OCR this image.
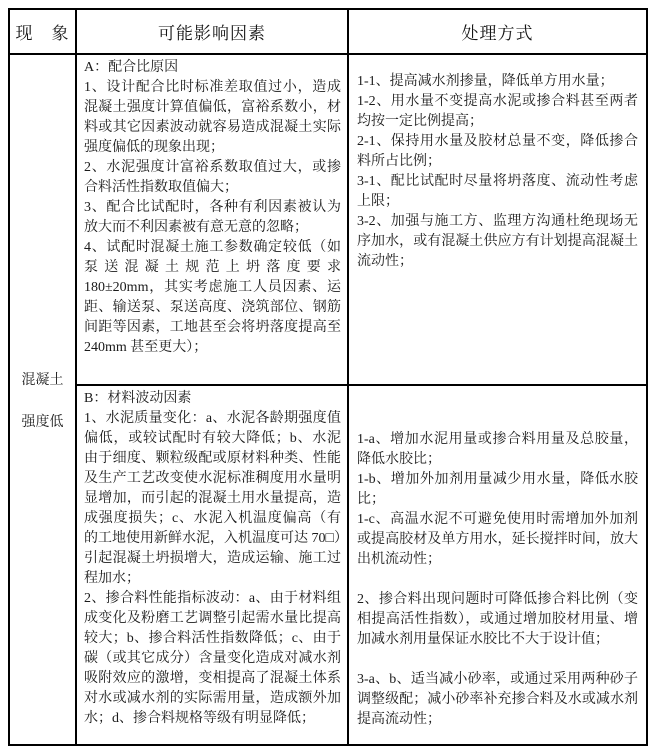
现　象	可能影响因素	处理方式
混凝土
强度低

A：配合比原因

1、设计配合比时标准差取值过小，造成混凝土强度计算值偏低，富裕系数小，材料或其它因素波动就容易造成混凝土实际强度偏低的现象出现；

2、水泥强度计富裕系数取值过大，或掺合料活性指数取值偏大；

3、配合比试配时，各种有利因素被认为放大而不利因素被有意无意的忽略；

4、试配时混凝土施工参数确定较低（如泵送混凝土规范上坍落度要求 180±20mm，其实考虑施工人员因素、运距、输送泵、泵送高度、浇筑部位、钢筋间距等因素，工地甚至会将坍落度提高至 240mm 甚至更大）；

1-1、提高减水剂掺量，降低单方用水量；

1-2、用水量不变提高水泥或掺合料甚至两者均按一定比例提高；

2-1、保持用水量及胶材总量不变，降低掺合料所占比例；

3-1、配比试配时尽量将坍落度、流动性考虑上限；

3-2、加强与施工方、监理方沟通杜绝现场无序加水，或有混凝土供应方有计划提高混凝土流动性；

B：材料波动因素

1、水泥质量变化：a、水泥各龄期强度值偏低，或较试配时有较大降低；b、水泥由于细度、颗粒级配或原材料种类、性能及生产工艺改变使水泥标准稠度用水量明显增加，而引起的混凝土用水量提高，造成强度损失；c、水泥入机温度偏高（有的工地使用新鲜水泥，入机温度可达 70□）引起混凝土坍损增大，造成运输、施工过程加水；

2、掺合料性能指标波动：a、由于材料组成变化及粉磨工艺调整引起需水量比提高较大；b、掺合料活性指数降低；c、由于碳（或其它成分）含量变化造成对减水剂吸附效应的激增，变相提高了混凝土体系对水或减水剂的实际需用量，造成额外加水；d、掺合料规格等级有明显降低；

1-a、增加水泥用量或掺合料用量及总胶量，降低水胶比；

1-b、增加外加剂用量减少用水量，降低水胶比；

1-c、高温水泥不可避免使用时需增加外加剂或提高胶材及单方用水，延长搅拌时间，放大出机流动性；

2、掺合料出现问题时可降低掺合料比例（变相提高活性指数），或通过增加胶材用量、增加减水剂用量保证水胶比不大于设计值；

3-a、b、适当减小砂率，或通过采用两种砂子调整级配；减小砂率补充掺合料及水或减水剂提高流动性；
